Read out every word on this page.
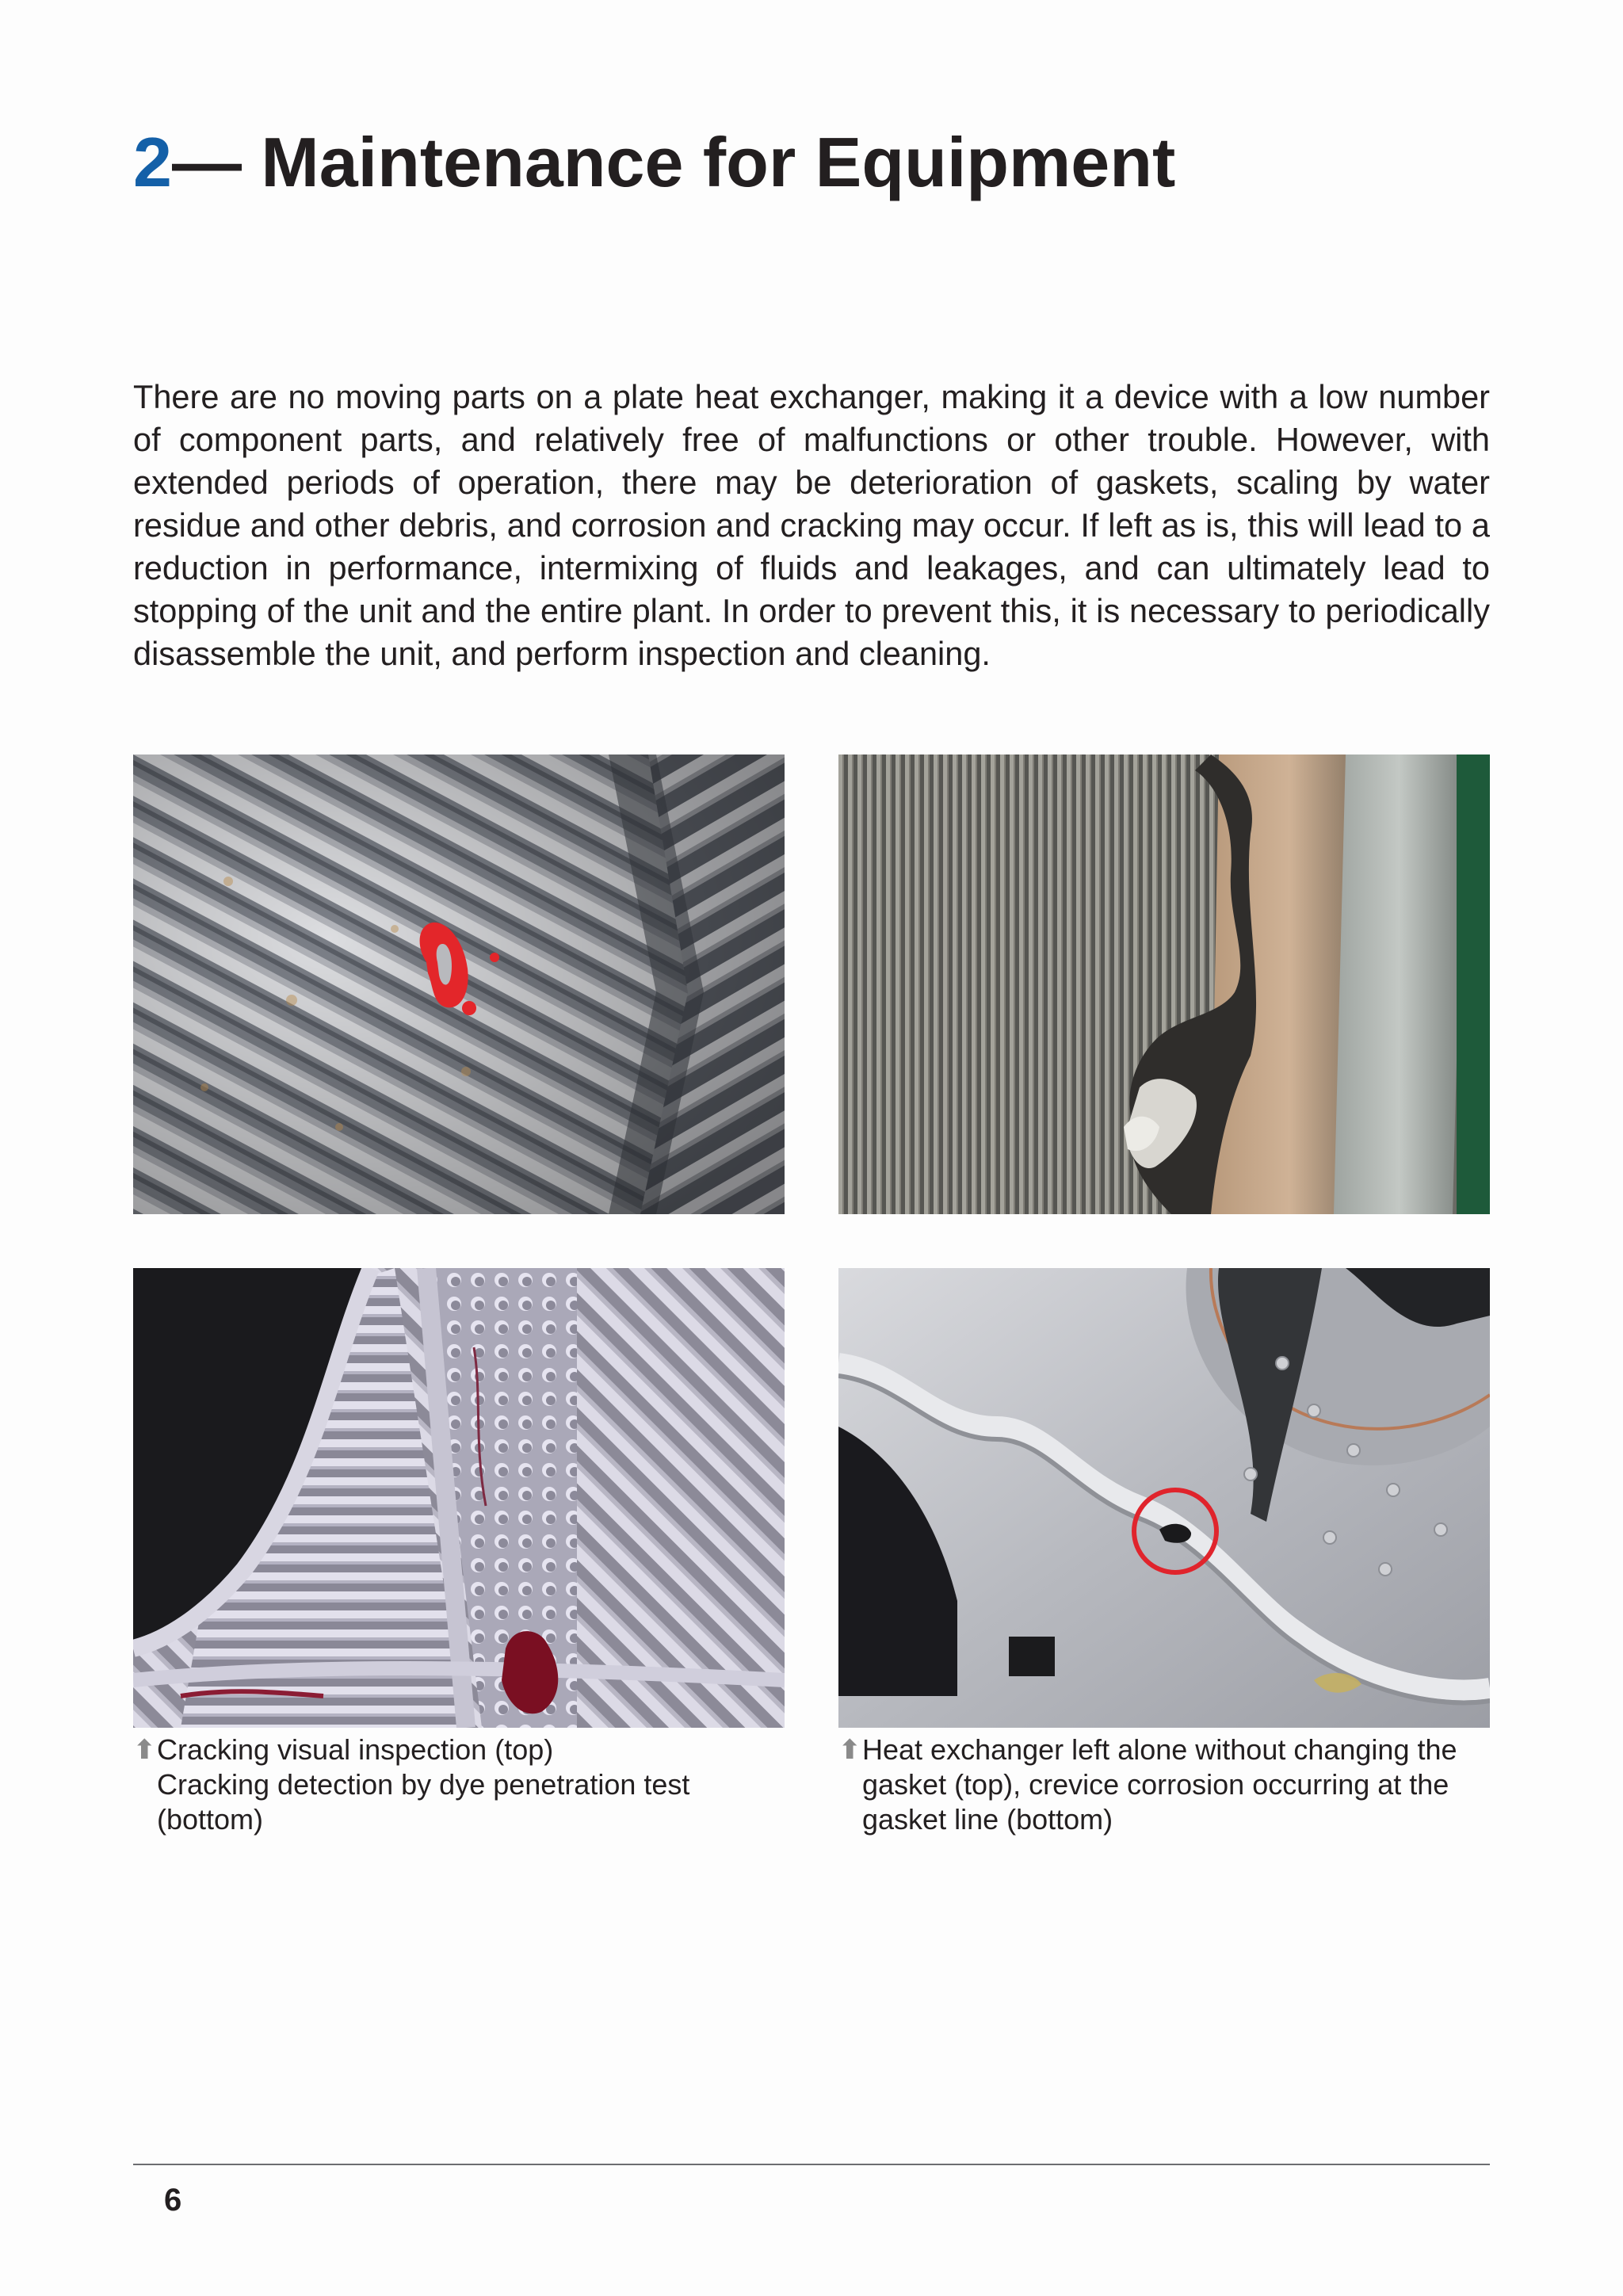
2— Maintenance for Equipment

There are no moving parts on a plate heat exchanger, making it a device with a low number of component parts, and relatively free of malfunctions or other trouble. However, with extended periods of operation, there may be deterioration of gaskets, scaling by water residue and other debris, and corrosion and cracking may occur. If left as is, this will lead to a reduction in performance, intermixing of fluids and leakages, and can ultimately lead to stopping of the unit and the entire plant. In order to prevent this, it is necessary to periodically disassemble the unit, and perform inspection and cleaning.

⬆ Cracking visual inspection (top)
Cracking detection by dye penetration test
(bottom)
⬆ Heat exchanger left alone without changing the
gasket (top), crevice corrosion occurring at the
gasket line (bottom)
6
